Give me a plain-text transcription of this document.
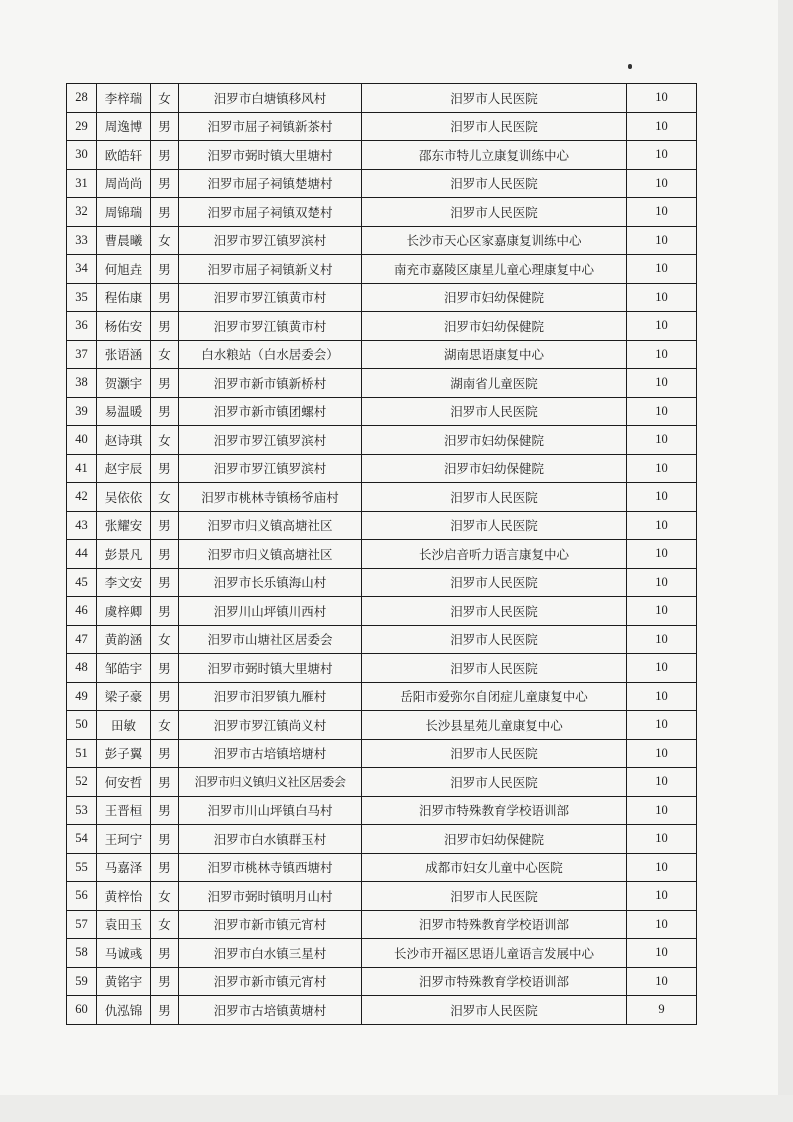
28	李梓瑞	女	汨罗市白塘镇移风村	汨罗市人民医院	10
29	周逸博	男	汨罗市屈子祠镇新茶村	汨罗市人民医院	10
30	欧皓轩	男	汨罗市弼时镇大里塘村	邵东市特儿立康复训练中心	10
31	周尚尚	男	汨罗市屈子祠镇楚塘村	汨罗市人民医院	10
32	周锦瑞	男	汨罗市屈子祠镇双楚村	汨罗市人民医院	10
33	曹晨曦	女	汨罗市罗江镇罗滨村	长沙市天心区家嘉康复训练中心	10
34	何旭垚	男	汨罗市屈子祠镇新义村	南充市嘉陵区康星儿童心理康复中心	10
35	程佑康	男	汨罗市罗江镇黄市村	汨罗市妇幼保健院	10
36	杨佑安	男	汨罗市罗江镇黄市村	汨罗市妇幼保健院	10
37	张语涵	女	白水粮站（白水居委会）	湖南思语康复中心	10
38	贺灏宇	男	汨罗市新市镇新桥村	湖南省儿童医院	10
39	易温暖	男	汨罗市新市镇团螺村	汨罗市人民医院	10
40	赵诗琪	女	汨罗市罗江镇罗滨村	汨罗市妇幼保健院	10
41	赵宇辰	男	汨罗市罗江镇罗滨村	汨罗市妇幼保健院	10
42	吴依依	女	汨罗市桃林寺镇杨爷庙村	汨罗市人民医院	10
43	张耀安	男	汨罗市归义镇高塘社区	汨罗市人民医院	10
44	彭景凡	男	汨罗市归义镇高塘社区	长沙启音听力语言康复中心	10
45	李文安	男	汨罗市长乐镇海山村	汨罗市人民医院	10
46	虞梓卿	男	汨罗川山坪镇川西村	汨罗市人民医院	10
47	黄韵涵	女	汨罗市山塘社区居委会	汨罗市人民医院	10
48	邹皓宇	男	汨罗市弼时镇大里塘村	汨罗市人民医院	10
49	梁子豪	男	汨罗市汨罗镇九雁村	岳阳市爱弥尔自闭症儿童康复中心	10
50	田敏	女	汨罗市罗江镇尚义村	长沙县星苑儿童康复中心	10
51	彭子翼	男	汨罗市古培镇培塘村	汨罗市人民医院	10
52	何安哲	男	汨罗市归义镇归义社区居委会	汨罗市人民医院	10
53	王晋桓	男	汨罗市川山坪镇白马村	汨罗市特殊教育学校语训部	10
54	王珂宁	男	汨罗市白水镇群玉村	汨罗市妇幼保健院	10
55	马嘉泽	男	汨罗市桃林寺镇西塘村	成都市妇女儿童中心医院	10
56	黄梓怡	女	汨罗市弼时镇明月山村	汨罗市人民医院	10
57	袁田玉	女	汨罗市新市镇元宵村	汨罗市特殊教育学校语训部	10
58	马诚彧	男	汨罗市白水镇三星村	长沙市开福区思语儿童语言发展中心	10
59	黄铭宇	男	汨罗市新市镇元宵村	汨罗市特殊教育学校语训部	10
60	仇泓锦	男	汨罗市古培镇黄塘村	汨罗市人民医院	9
